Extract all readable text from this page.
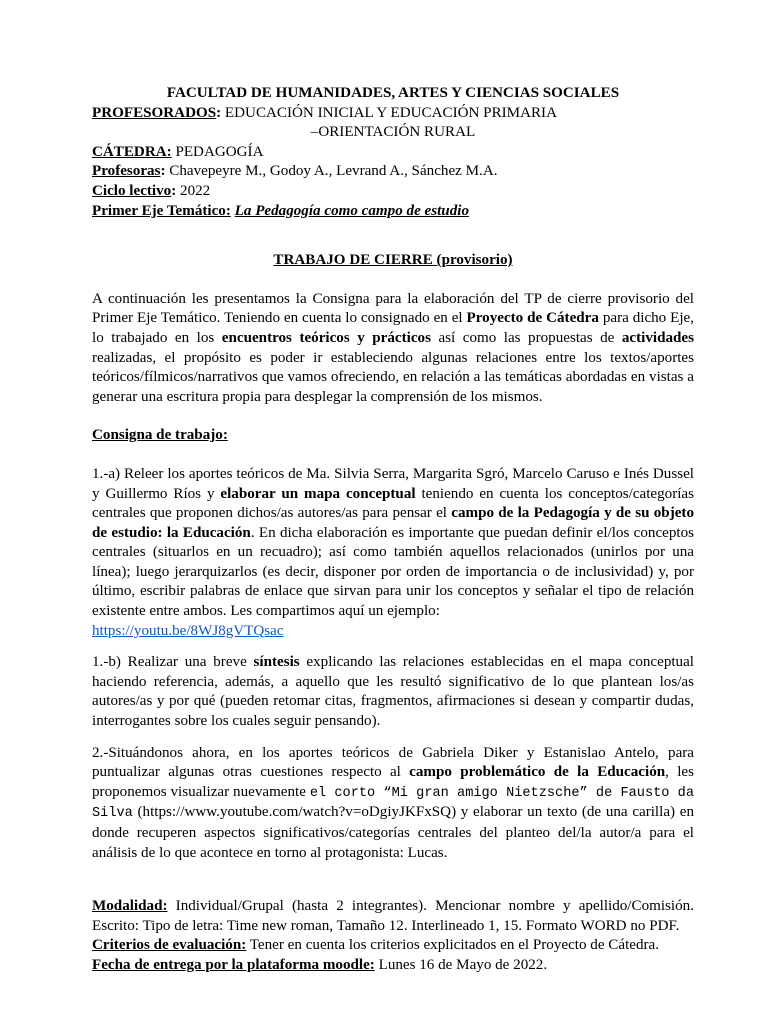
FACULTAD DE HUMANIDADES, ARTES Y CIENCIAS SOCIALES
PROFESORADOS: EDUCACIÓN INICIAL Y EDUCACIÓN PRIMARIA
–ORIENTACIÓN RURAL
CÁTEDRA: PEDAGOGÍA
Profesoras: Chavepeyre M., Godoy A., Levrand A., Sánchez M.A.
Ciclo lectivo: 2022
Primer Eje Temático: La Pedagogía como campo de estudio
TRABAJO DE CIERRE (provisorio)

A continuación les presentamos la Consigna para la elaboración del TP de cierre provisorio del Primer Eje Temático. Teniendo en cuenta lo consignado en el Proyecto de Cátedra para dicho Eje, lo trabajado en los encuentros teóricos y prácticos así como las propuestas de actividades realizadas, el propósito es poder ir estableciendo algunas relaciones entre los textos/aportes teóricos/fílmicos/narrativos que vamos ofreciendo, en relación a las temáticas abordadas en vistas a generar una escritura propia para desplegar la comprensión de los mismos.

Consigna de trabajo:

1.-a) Releer los aportes teóricos de Ma. Silvia Serra, Margarita Sgró, Marcelo Caruso e Inés Dussel y Guillermo Ríos y elaborar un mapa conceptual teniendo en cuenta los conceptos/categorías centrales que proponen dichos/as autores/as para pensar el campo de la Pedagogía y de su objeto de estudio: la Educación. En dicha elaboración es importante que puedan definir el/los conceptos centrales (situarlos en un recuadro); así como también aquellos relacionados (unirlos por una línea); luego jerarquizarlos (es decir, disponer por orden de importancia o de inclusividad) y, por último, escribir palabras de enlace que sirvan para unir los conceptos y señalar el tipo de relación existente entre ambos. Les compartimos aquí un ejemplo:
https://youtu.be/8WJ8gVTQsac

1.-b) Realizar una breve síntesis explicando las relaciones establecidas en el mapa conceptual haciendo referencia, además, a aquello que les resultó significativo de lo que plantean los/as autores/as y por qué (pueden retomar citas, fragmentos, afirmaciones si desean y compartir dudas, interrogantes sobre los cuales seguir pensando).

2.-Situándonos ahora, en los aportes teóricos de Gabriela Diker y Estanislao Antelo, para puntualizar algunas otras cuestiones respecto al campo problemático de la Educación, les proponemos visualizar nuevamente el corto “Mi gran amigo Nietzsche” de Fausto da Silva (https://www.youtube.com/watch?v=oDgiyJKFxSQ) y elaborar un texto (de una carilla) en donde recuperen aspectos significativos/categorías centrales del planteo del/la autor/a para el análisis de lo que acontece en torno al protagonista: Lucas.

Modalidad: Individual/Grupal (hasta 2 integrantes). Mencionar nombre y apellido/Comisión. Escrito: Tipo de letra: Time new roman, Tamaño 12. Interlineado 1, 15. Formato WORD no PDF.

Criterios de evaluación: Tener en cuenta los criterios explicitados en el Proyecto de Cátedra.

Fecha de entrega por la plataforma moodle: Lunes 16 de Mayo de 2022.
